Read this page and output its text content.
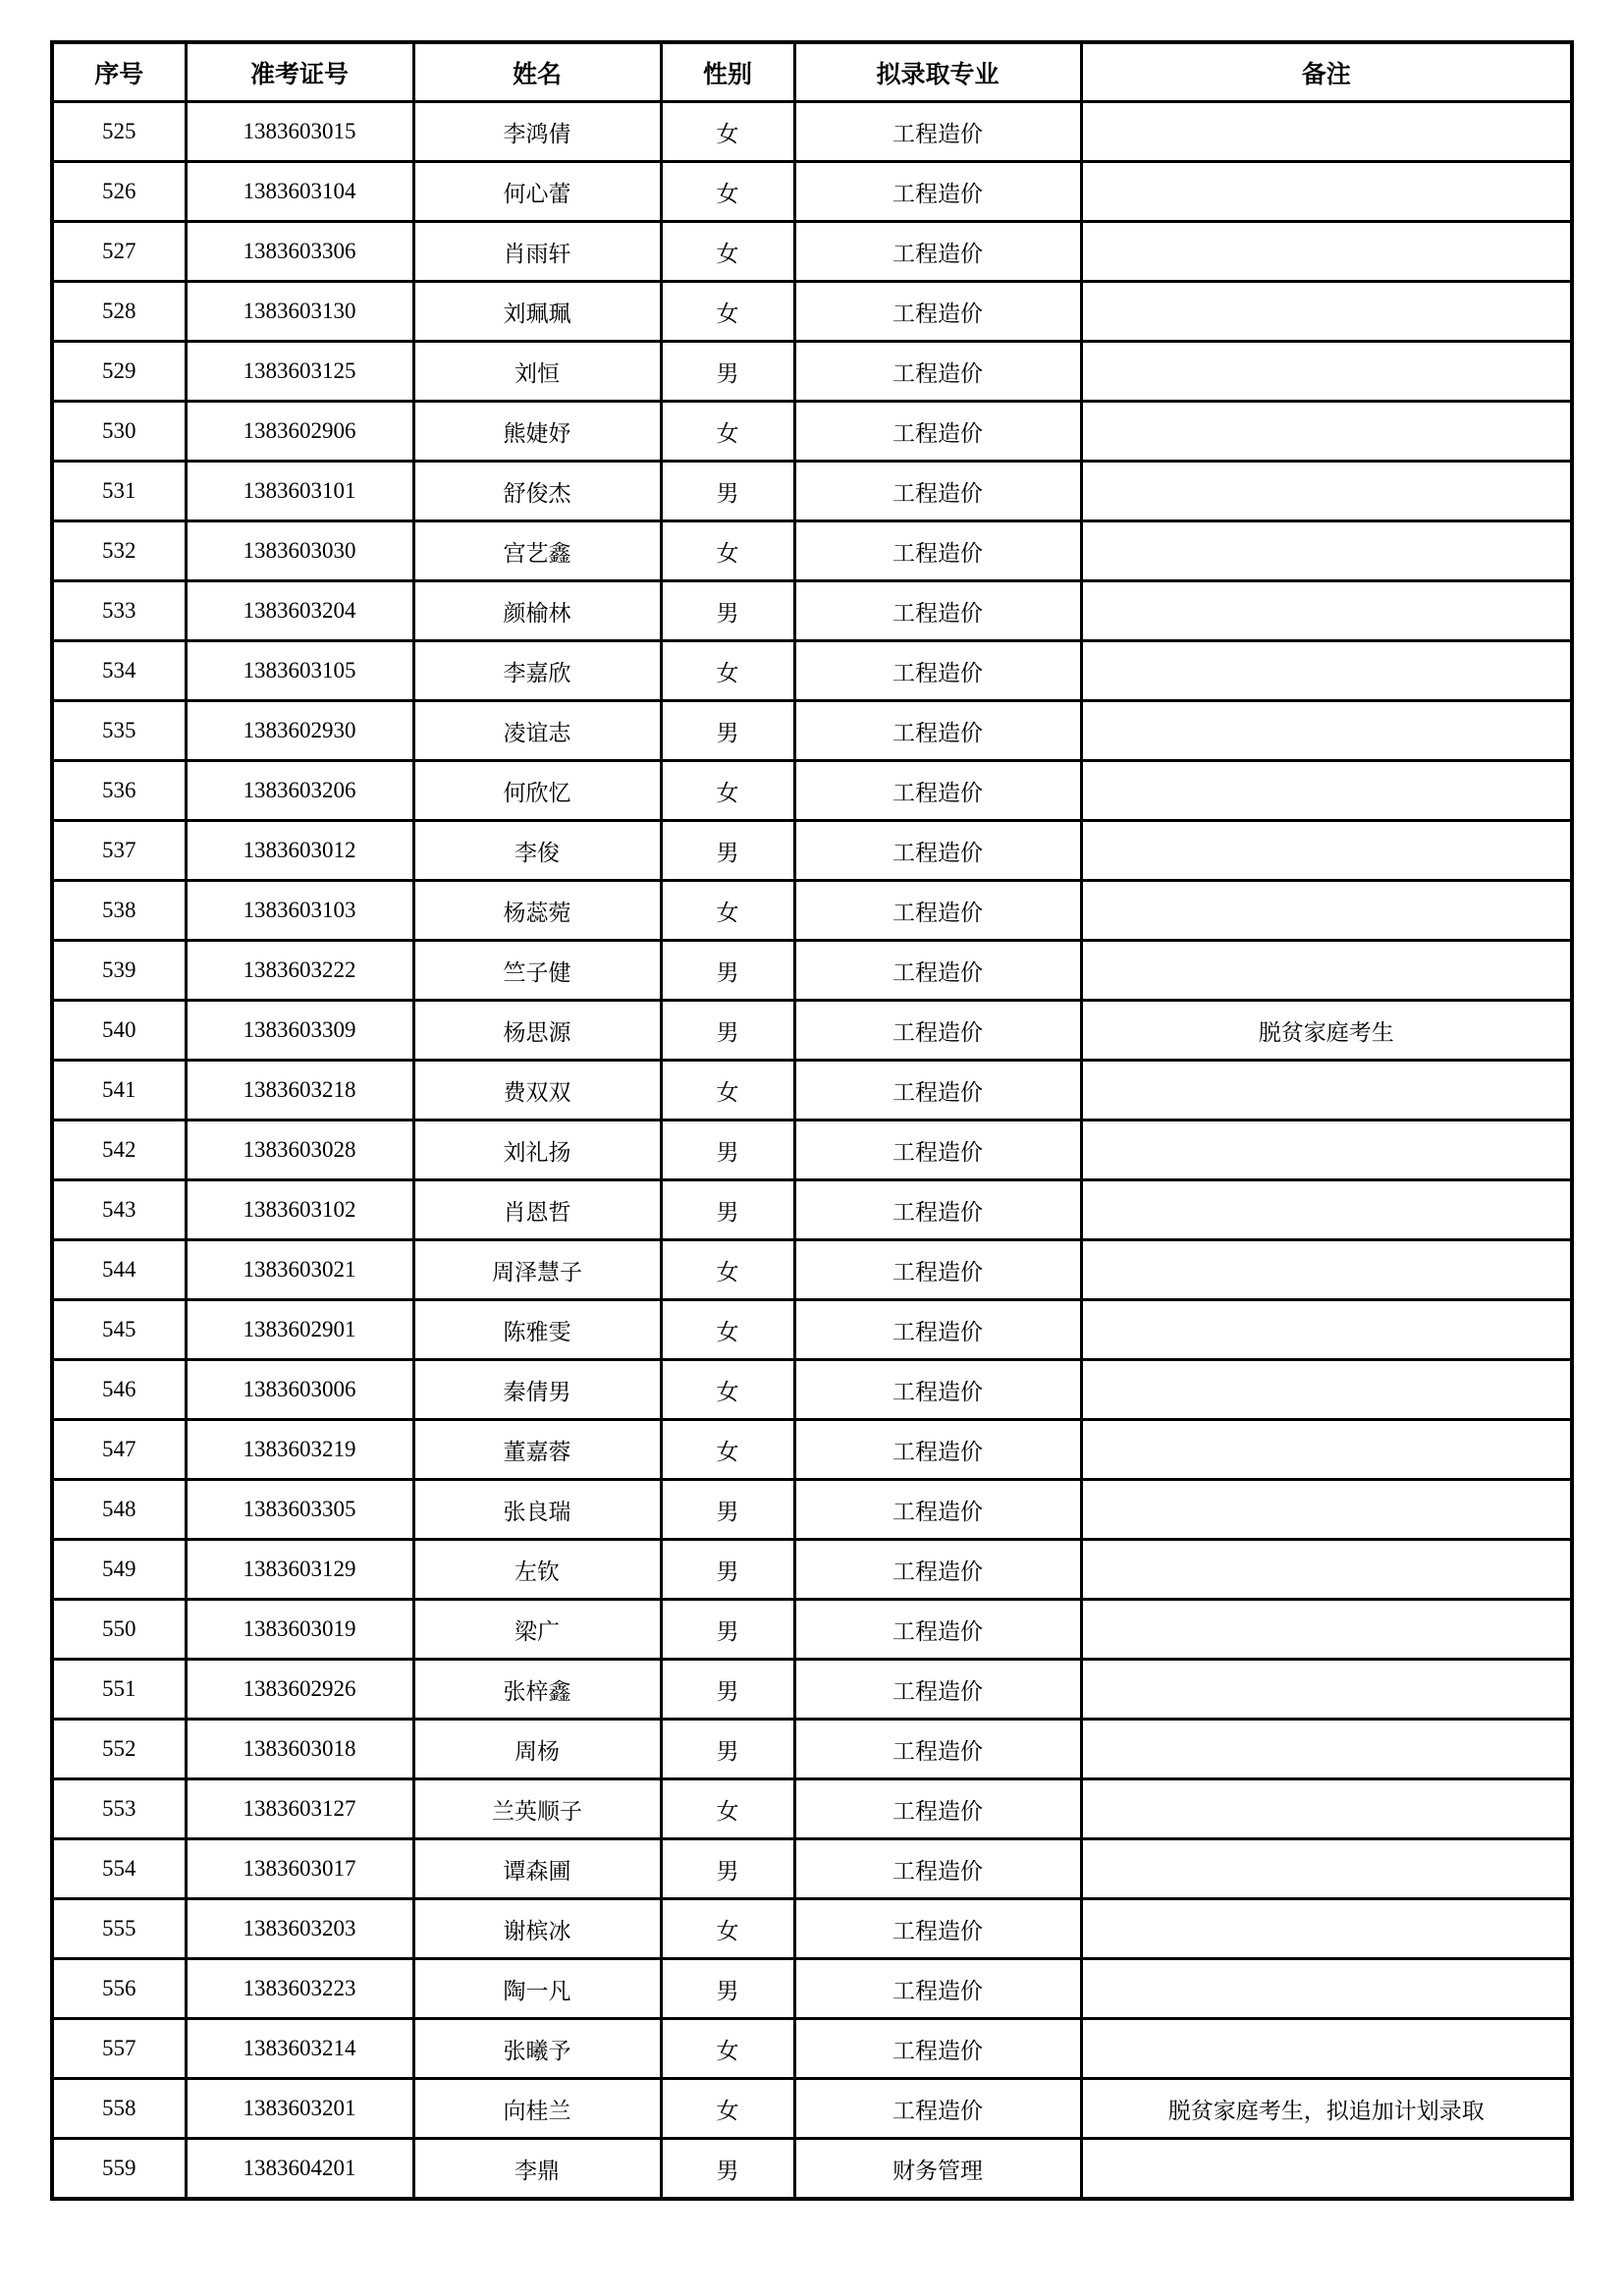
序号	准考证号	姓名	性别	拟录取专业	备注
525	1383603015	李鸿倩	女	工程造价	
526	1383603104	何心蕾	女	工程造价	
527	1383603306	肖雨轩	女	工程造价	
528	1383603130	刘珮珮	女	工程造价	
529	1383603125	刘恒	男	工程造价	
530	1383602906	熊婕妤	女	工程造价	
531	1383603101	舒俊杰	男	工程造价	
532	1383603030	宫艺鑫	女	工程造价	
533	1383603204	颜榆林	男	工程造价	
534	1383603105	李嘉欣	女	工程造价	
535	1383602930	凌谊志	男	工程造价	
536	1383603206	何欣忆	女	工程造价	
537	1383603012	李俊	男	工程造价	
538	1383603103	杨蕊菀	女	工程造价	
539	1383603222	竺子健	男	工程造价	
540	1383603309	杨思源	男	工程造价	脱贫家庭考生
541	1383603218	费双双	女	工程造价	
542	1383603028	刘礼扬	男	工程造价	
543	1383603102	肖恩哲	男	工程造价	
544	1383603021	周泽慧子	女	工程造价	
545	1383602901	陈雅雯	女	工程造价	
546	1383603006	秦倩男	女	工程造价	
547	1383603219	董嘉蓉	女	工程造价	
548	1383603305	张良瑞	男	工程造价	
549	1383603129	左钦	男	工程造价	
550	1383603019	梁广	男	工程造价	
551	1383602926	张梓鑫	男	工程造价	
552	1383603018	周杨	男	工程造价	
553	1383603127	兰英顺子	女	工程造价	
554	1383603017	谭森圃	男	工程造价	
555	1383603203	谢槟冰	女	工程造价	
556	1383603223	陶一凡	男	工程造价	
557	1383603214	张曦予	女	工程造价	
558	1383603201	向桂兰	女	工程造价	脱贫家庭考生，拟追加计划录取
559	1383604201	李鼎	男	财务管理	
